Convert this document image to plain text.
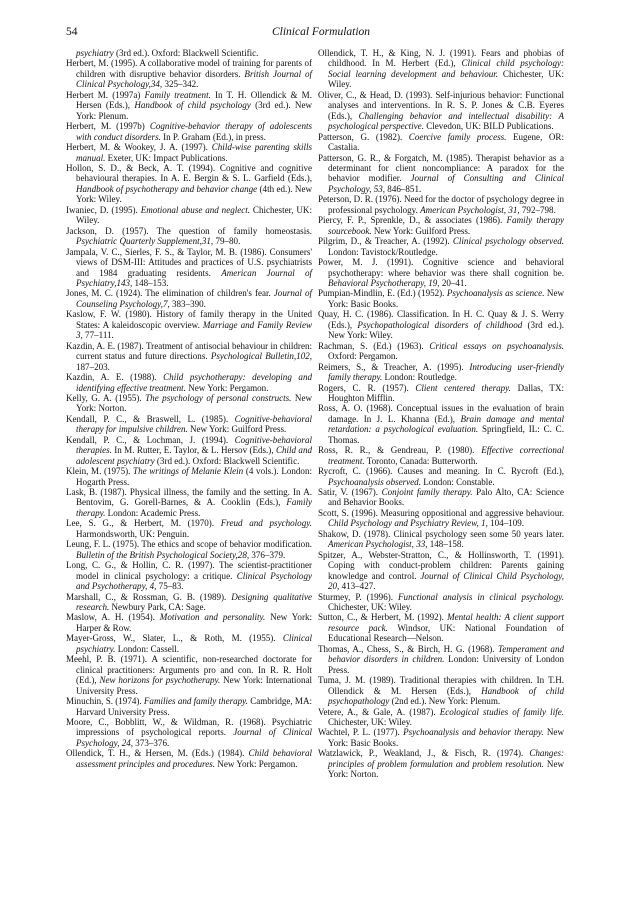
54	Clinical Formulation

psychiatry (3rd ed.). Oxford: Blackwell Scientific.

Herbert, M. (1995). A collaborative model of training for parents of children with disruptive behavior disorders. British Journal of Clinical Psychology,34, 325–342.

Herbert M. (1997a) Family treatment. In T. H. Ollendick & M. Hersen (Eds.), Handbook of child psychology (3rd ed.). New York: Plenum.

Herbert, M. (1997b) Cognitive-behavior therapy of adolescents with conduct disorders. In P. Graham (Ed.), in press.

Herbert, M. & Wookey, J. A. (1997). Child-wise parenting skills manual. Exeter, UK: Impact Publications.

Hollon, S. D., & Beck, A. T. (1994). Cognitive and cognitive behavioural therapies. In A. E. Bergin & S. L. Garfield (Eds.), Handbook of psychotherapy and behavior change (4th ed.). New York: Wiley.

Iwaniec, D. (1995). Emotional abuse and neglect. Chichester, UK: Wiley.

Jackson, D. (1957). The question of family homeostasis. Psychiatric Quarterly Supplement,31, 79–80.

Jampala, V. C., Sierles, F. S., & Taylor, M. B. (1986). Consumers' views of DSM-III: Attitudes and practices of U.S. psychiatrists and 1984 graduating residents. American Journal of Psychiatry,143, 148–153.

Jones, M. C. (1924). The elimination of children's fear. Journal of Counseling Psychology,7, 383–390.

Kaslow, F. W. (1980). History of family therapy in the United States: A kaleidoscopic overview. Marriage and Family Review 3, 77–111.

Kazdin, A. E. (1987). Treatment of antisocial behaviour in children: current status and future directions. Psychological Bulletin,102, 187–203.

Kazdin, A. E. (1988). Child psychotherapy: developing and identifying effective treatment. New York: Pergamon.

Kelly, G. A. (1955). The psychology of personal constructs. New York: Norton.

Kendall, P. C., & Braswell, L. (1985). Cognitive-behavioral therapy for impulsive children. New York: Guilford Press.

Kendall, P. C., & Lochman, J. (1994). Cognitive-behavioral therapies. In M. Rutter, E. Taylor, & L. Hersov (Eds.), Child and adolescent psychiatry (3rd ed.). Oxford: Blackwell Scientific.

Klein, M. (1975). The writings of Melanie Klein (4 vols.). London: Hogarth Press.

Lask, B. (1987). Physical illness, the family and the setting. In A. Bentovim, G. Gorell-Barnes, & A. Cooklin (Eds.), Family therapy. London: Academic Press.

Lee, S. G., & Herbert, M. (1970). Freud and psychology. Harmondsworth, UK: Penguin.

Leung, F. L. (1975). The ethics and scope of behavior modification. Bulletin of the British Psychological Society,28, 376–379.

Long, C. G., & Hollin, C. R. (1997). The scientist-practitioner model in clinical psychology: a critique. Clinical Psychology and Psychotherapy, 4, 75–83.

Marshall, C., & Rossman, G. B. (1989). Designing qualitative research. Newbury Park, CA: Sage.

Maslow, A. H. (1954). Motivation and personality. New York: Harper & Row.

Mayer-Gross, W., Slater, L., & Roth, M. (1955). Clinical psychiatry. London: Cassell.

Meehl, P. B. (1971). A scientific, non-researched doctorate for clinical practitioners: Arguments pro and con. In R. R. Holt (Ed.), New horizons for psychotherapy. New York: International University Press.

Minuchin, S. (1974). Families and family therapy. Cambridge, MA: Harvard University Press.

Moore, C., Bobblitt, W., & Wildman, R. (1968). Psychiatric impressions of psychological reports. Journal of Clinical Psychology, 24, 373–376.

Ollendick, T. H., & Hersen, M. (Eds.) (1984). Child behavioral assessment principles and procedures. New York: Pergamon.

Ollendick, T. H., & King, N. J. (1991). Fears and phobias of childhood. In M. Herbert (Ed.), Clinical child psychology: Social learning development and behaviour. Chichester, UK: Wiley.

Oliver, C., & Head, D. (1993). Self-injurious behavior: Functional analyses and interventions. In R. S. P. Jones & C.B. Eyeres (Eds.), Challenging behavior and intellectual disability: A psychological perspective. Clevedon, UK: BILD Publications.

Patterson, G. (1982). Coercive family process. Eugene, OR: Castalia.

Patterson, G. R., & Forgatch, M. (1985). Therapist behavior as a determinant for client noncompliance: A paradox for the behavior modifier. Journal of Consulting and Clinical Psychology, 53, 846–851.

Peterson, D. R. (1976). Need for the doctor of psychology degree in professional psychology. American Psychologist, 31, 792–798.

Piercy, F. P., Sprenkle, D., & associates (1986). Family therapy sourcebook. New York: Guilford Press.

Pilgrim, D., & Treacher, A. (1992). Clinical psychology observed. London: Tavistock/Routledge.

Power, M. J. (1991). Cognitive science and behavioral psychotherapy: where behavior was there shall cognition be. Behavioral Psychotherapy, 19, 20–41.

Pumpian-Mindlin, E. (Ed.) (1952). Psychoanalysis as science. New York: Basic Books.

Quay, H. C. (1986). Classification. In H. C. Quay & J. S. Werry (Eds.), Psychopathological disorders of childhood (3rd ed.). New York: Wiley.

Rachman, S. (Ed.) (1963). Critical essays on psychoanalysis. Oxford: Pergamon.

Reimers, S., & Treacher, A. (1995). Introducing user-friendly family therapy. London: Routledge.

Rogers, C. R. (1957). Client centered therapy. Dallas, TX: Houghton Mifflin.

Ross, A. O. (1968). Conceptual issues in the evaluation of brain damage. In J. L. Khanna (Ed.), Brain damage and mental retardation: a psychological evaluation. Springfield, IL: C. C. Thomas.

Ross, R. R., & Gendreau, P. (1980). Effective correctional treatment. Toronto, Canada: Butterworth.

Rycroft, C. (1966). Causes and meaning. In C. Rycroft (Ed.), Psychoanalysis observed. London: Constable.

Satir, V. (1967). Conjoint family therapy. Palo Alto, CA: Science and Behavior Books.

Scott, S. (1996). Measuring oppositional and aggressive behaviour. Child Psychology and Psychiatry Review, 1, 104–109.

Shakow, D. (1978). Clinical psychology seen some 50 years later. American Psychologist, 33, 148–158.

Spitzer, A., Webster-Stratton, C., & Hollinsworth, T. (1991). Coping with conduct-problem children: Parents gaining knowledge and control. Journal of Clinical Child Psychology, 20, 413–427.

Sturmey, P. (1996). Functional analysis in clinical psychology. Chichester, UK: Wiley.

Sutton, C., & Herbert, M. (1992). Mental health: A client support resource pack. Windsor, UK: National Foundation of Educational Research—Nelson.

Thomas, A., Chess, S., & Birch, H. G. (1968). Temperament and behavior disorders in children. London: University of London Press.

Tuma, J. M. (1989). Traditional therapies with children. In T.H. Ollendick & M. Hersen (Eds.), Handbook of child psychopathology (2nd ed.). New York: Plenum.

Vetere, A., & Gale, A. (1987). Ecological studies of family life. Chichester, UK: Wiley.

Wachtel, P. L. (1977). Psychoanalysis and behavior therapy. New York: Basic Books.

Watzlawick, P., Weakland, J., & Fisch, R. (1974). Changes: principles of problem formulation and problem resolution. New York: Norton.
